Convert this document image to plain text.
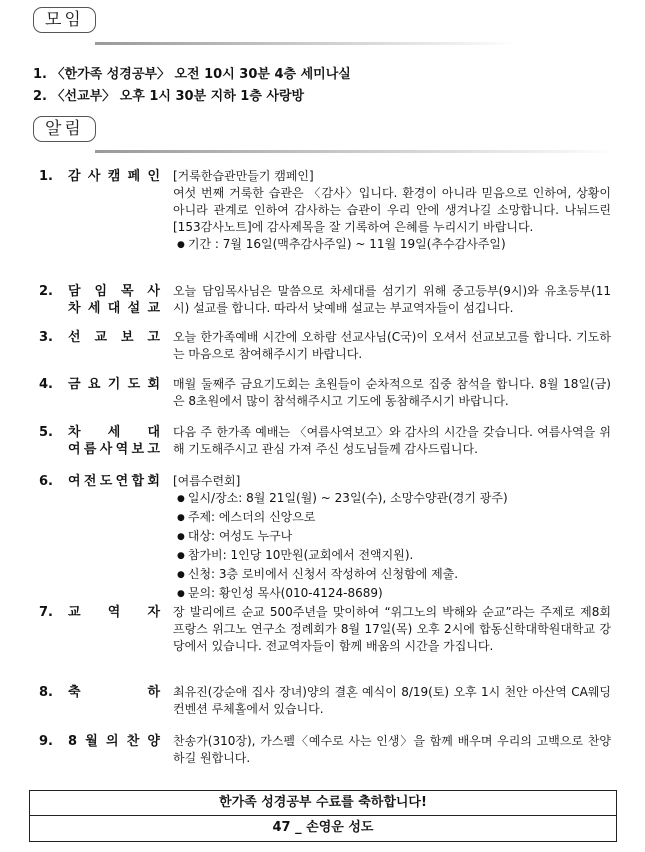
모임
1. 〈한가족 성경공부〉 오전 10시 30분 4층 세미나실
2. 〈선교부〉 오후 1시 30분 지하 1층 사랑방
알림
1. 감 사 캠 페 인 [거룩한습관만들기 캠페인]
여섯 번째 거룩한 습관은 〈감사〉입니다. 환경이 아니라 믿음으로 인하여, 상황이 아니라 관계로 인하여 감사하는 습관이 우리 안에 생겨나길 소망합니다. 나눠드린 [153감사노트]에 감사제목을 잘 기록하여 은혜를 누리시기 바랍니다.
● 기간 : 7월 16일(맥추감사주일) ~ 11월 19일(추수감사주일)
2. 담 임 목 사
차 세 대 설 교
오늘 담임목사님은 말씀으로 차세대를 섬기기 위해 중고등부(9시)와 유초등부(11시) 설교를 합니다. 따라서 낮예배 설교는 부교역자들이 섬깁니다.
3. 선 교 보 고 오늘 한가족예배 시간에 오하람 선교사님(C국)이 오셔서 선교보고를 합니다. 기도하는 마음으로 참여해주시기 바랍니다.
4. 금 요 기 도 회 매월 둘째주 금요기도회는 초원들이 순차적으로 집중 참석을 합니다. 8월 18일(금)은 8초원에서 많이 참석해주시고 기도에 동참해주시기 바랍니다.
5. 차 세 대
여 름 사 역 보 고
다음 주 한가족 예배는 〈여름사역보고〉와 감사의 시간을 갖습니다. 여름사역을 위해 기도해주시고 관심 가져 주신 성도님들께 감사드립니다.
6. 여 전 도 연 합 회 [여름수련회]
● 일시/장소: 8월 21일(월) ~ 23일(수), 소망수양관(경기 광주)
● 주제: 에스더의 신앙으로
● 대상: 여성도 누구나
● 참가비: 1인당 10만원(교회에서 전액지원).
● 신청: 3층 로비에서 신청서 작성하여 신청함에 제출.
● 문의: 황인성 목사(010-4124-8689)
7. 교 역 자 장 발리에르 순교 500주년을 맞이하여 “위그노의 박해와 순교”라는 주제로 제8회 프랑스 위그노 연구소 정례회가 8월 17일(목) 오후 2시에 합동신학대학원대학교 강당에서 있습니다. 전교역자들이 함께 배움의 시간을 가집니다.
8. 축	하 최유진(강순애 집사 장녀)양의 결혼 예식이 8/19(토) 오후 1시 천안 아산역 CA웨딩컨벤션 루체홀에서 있습니다.
9. 8 월 의 찬 양 찬송가(310장), 가스펠〈예수로 사는 인생〉을 함께 배우며 우리의 고백으로 찬양하길 원합니다.
한가족 성경공부 수료를 축하합니다!
47 _ 손영운 성도
